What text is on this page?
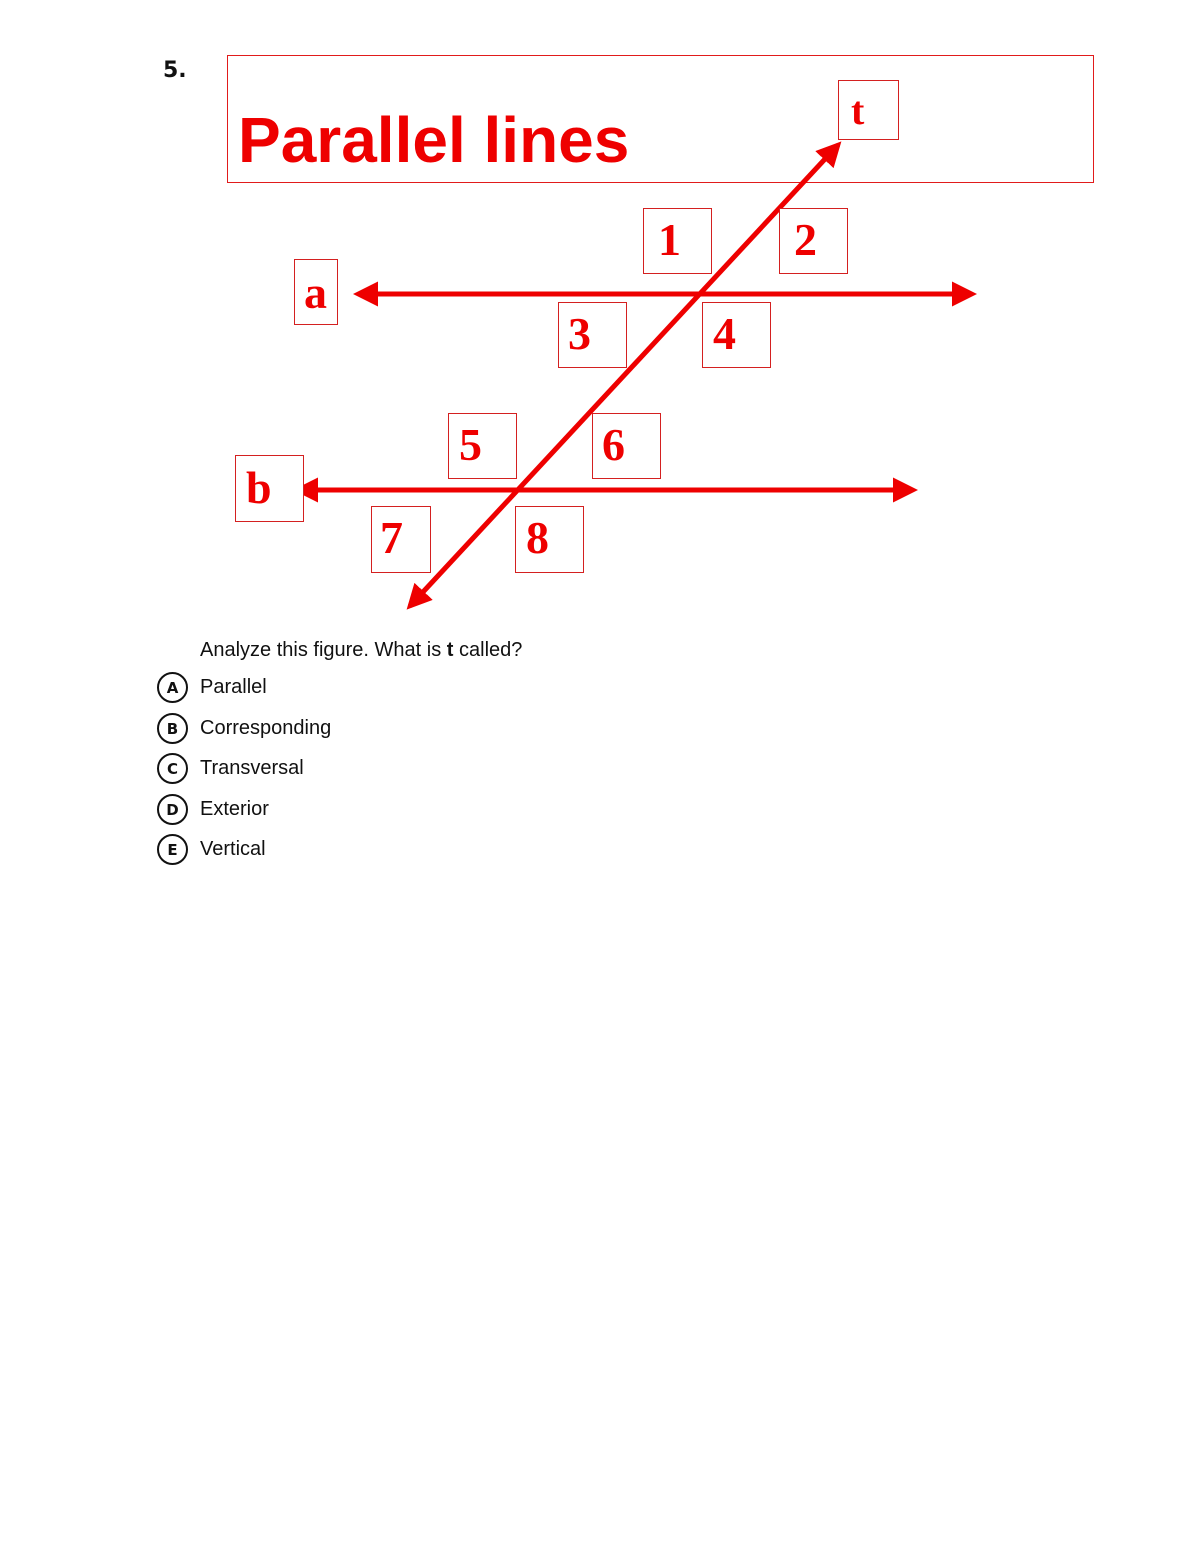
5.
Parallel lines	t
a
b
1	2
3	4
5	6
7	8
Analyze this figure. What is t called?
A	Parallel
B	Corresponding
C	Transversal
D	Exterior
E	Vertical
